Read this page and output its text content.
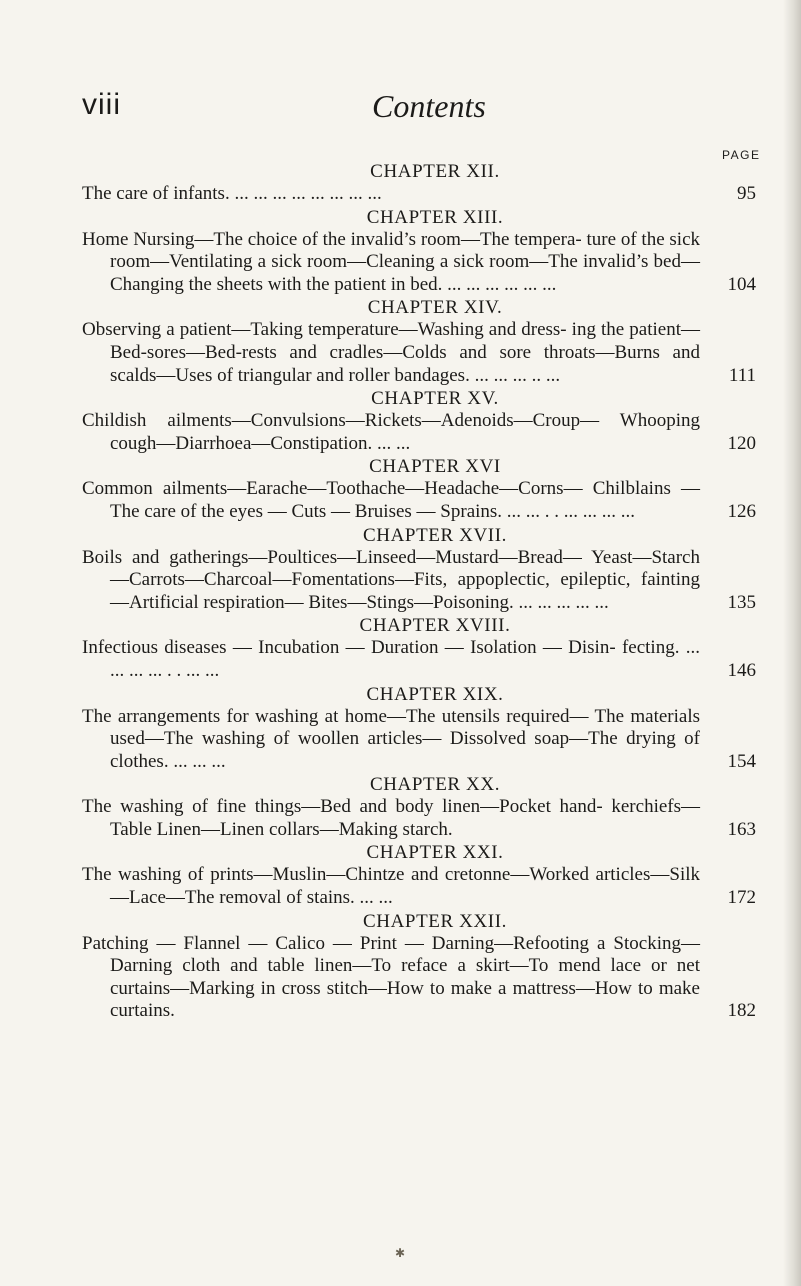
viii	Contents
PAGE
CHAPTER XII.
The care of infants. ... ... ... ... ... ... ... ...	95
CHAPTER XIII.
Home Nursing—The choice of the invalid’s room—The tempera- ture of the sick room—Ventilating a sick room—Cleaning a sick room—The invalid’s bed—Changing the sheets with the patient in bed. ... ... ... ... ... ...	104
CHAPTER XIV.
Observing a patient—Taking temperature—Washing and dress- ing the patient—Bed-sores—Bed-rests and cradles—Colds and sore throats—Burns and scalds—Uses of triangular and roller bandages. ... ... ... .. ...	111
CHAPTER XV.
Childish ailments—Convulsions—Rickets—Adenoids—Croup— Whooping cough—Diarrhoea—Constipation. ... ...	120
CHAPTER XVI
Common ailments—Earache—Toothache—Headache—Corns— Chilblains — The care of the eyes — Cuts — Bruises — Sprains. ... ... . . ... ... ... ...	126
CHAPTER XVII.
Boils and gatherings—Poultices—Linseed—Mustard—Bread— Yeast—Starch—Carrots—Charcoal—Fomentations—Fits, appoplectic, epileptic, fainting—Artificial respiration— Bites—Stings—Poisoning. ... ... ... ... ...	135
CHAPTER XVIII.
Infectious diseases — Incubation — Duration — Isolation — Disin- fecting. ... ... ... ... . . ... ...	146
CHAPTER XIX.
The arrangements for washing at home—The utensils required— The materials used—The washing of woollen articles— Dissolved soap—The drying of clothes. ... ... ...	154
CHAPTER XX.
The washing of fine things—Bed and body linen—Pocket hand- kerchiefs—Table Linen—Linen collars—Making starch.	163
CHAPTER XXI.
The washing of prints—Muslin—Chintze and cretonne—Worked articles—Silk—Lace—The removal of stains. ... ...	172
CHAPTER XXII.
Patching — Flannel — Calico — Print — Darning—Refooting a Stocking—Darning cloth and table linen—To reface a skirt—To mend lace or net curtains—Marking in cross stitch—How to make a mattress—How to make curtains.	182
✱
